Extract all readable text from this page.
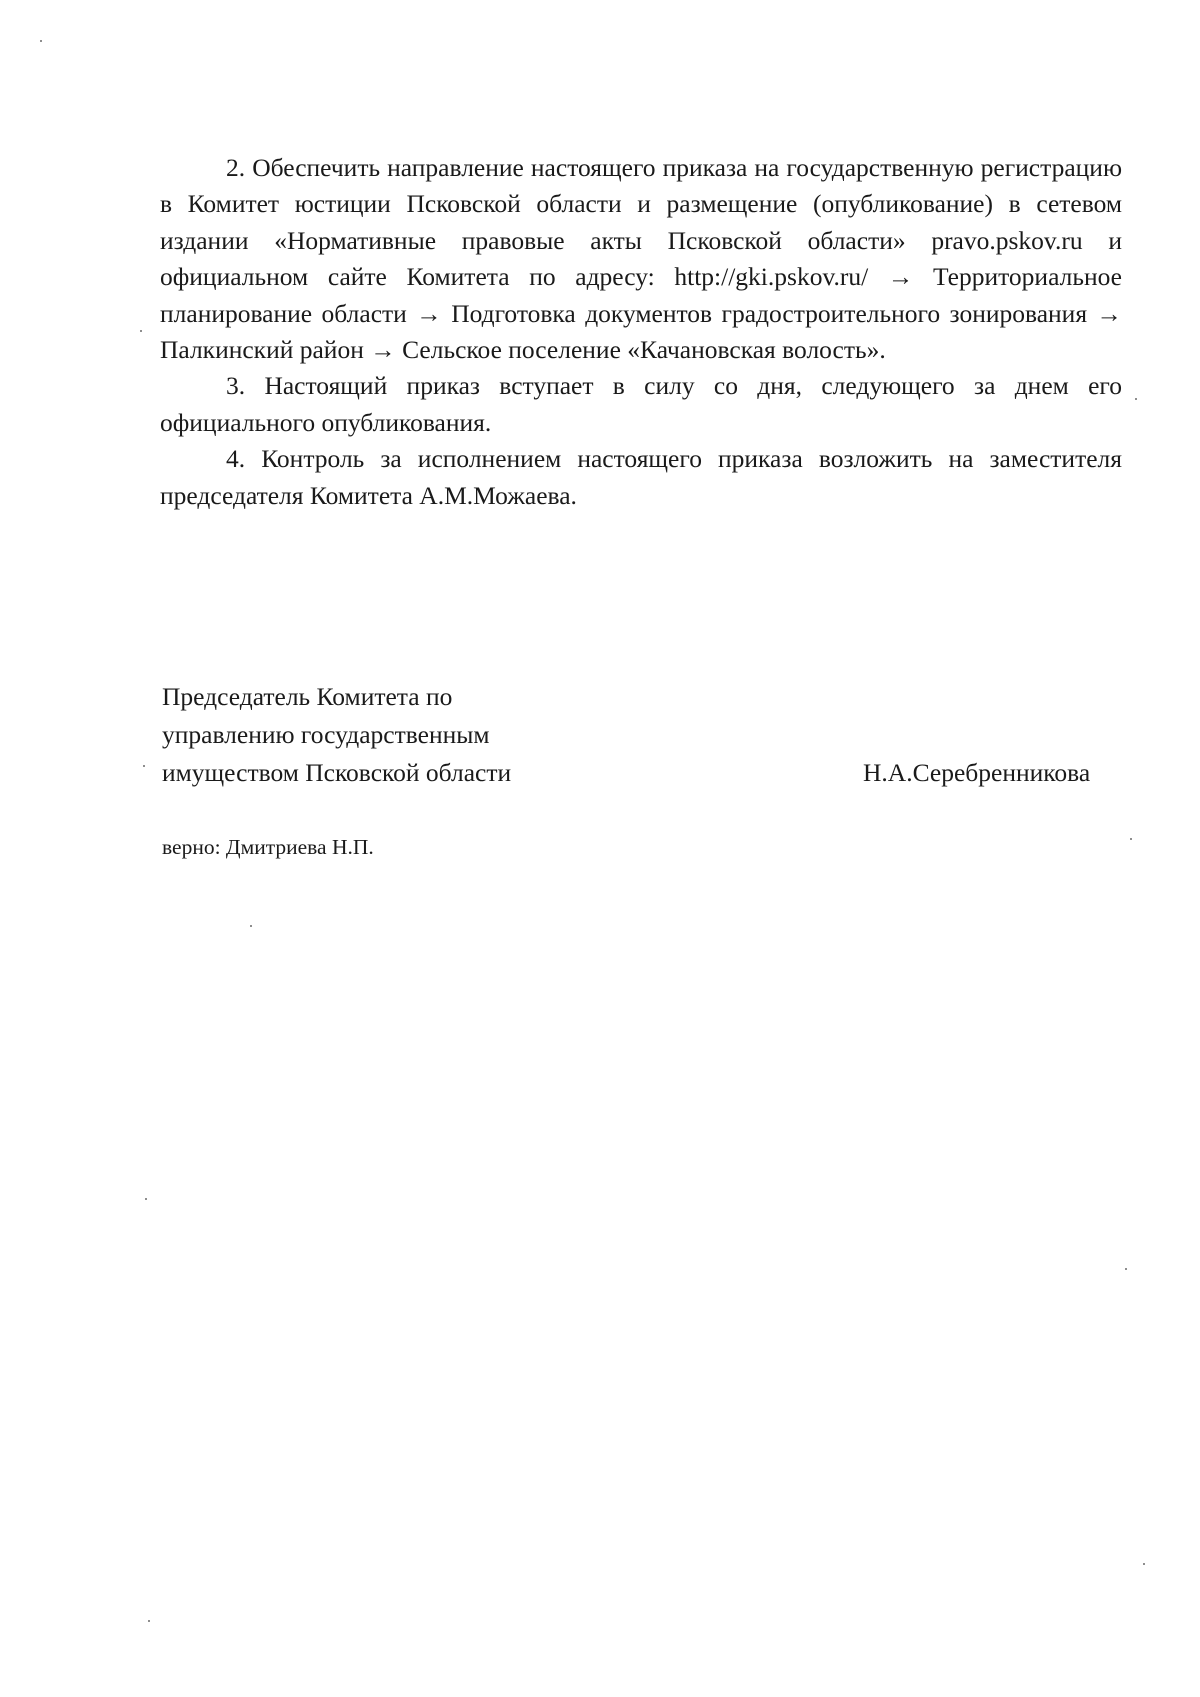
2. Обеспечить направление настоящего приказа на государственную регистрацию в Комитет юстиции Псковской области и размещение (опубликование) в сетевом издании «Нормативные правовые акты Псковской области» pravo.pskov.ru и официальном сайте Комитета по адресу: http://gki.pskov.ru/ → Территориальное планирование области → Подготовка документов градостроительного зонирования → Палкинский район → Сельское поселение «Качановская волость».

3. Настоящий приказ вступает в силу со дня, следующего за днем его официального опубликования.

4. Контроль за исполнением настоящего приказа возложить на заместителя председателя Комитета А.М.Можаева.

Председатель Комитета по
управлению государственным
имуществом Псковской области	Н.А.Серебренникова
верно: Дмитриева Н.П.
